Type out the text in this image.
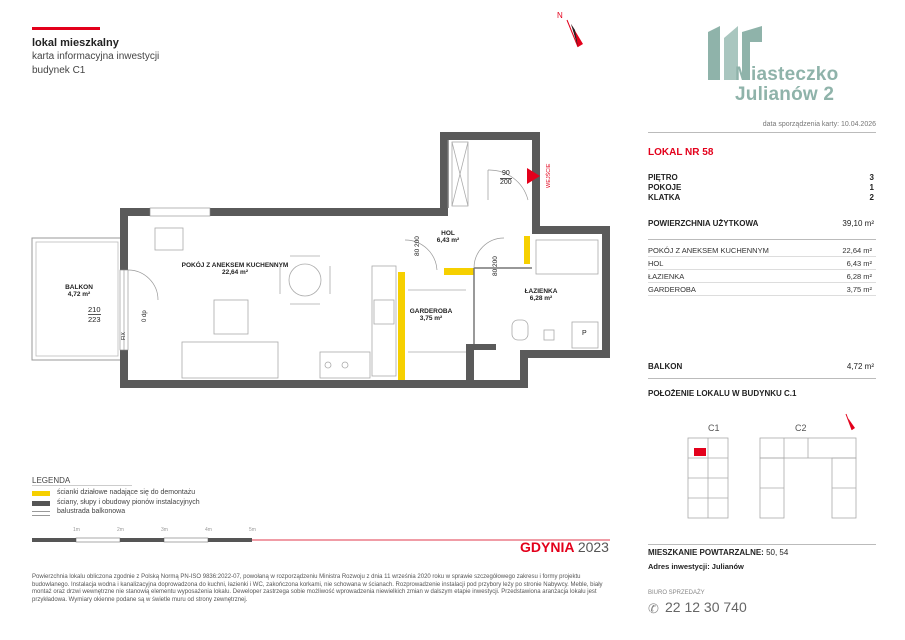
lokal mieszkalny
karta informacyjna inwestycji
budynek C1
N
POKÓJ Z ANEKSEM KUCHENNYM
22,64 m²
HOL
6,43 m²
GARDEROBA
3,75 m²
ŁAZIENKA
6,28 m²
BALKON
4,72 m²
90
200
80 200
80 200
210
223
WEJŚCIE
0 dp
FIX	P
Miasteczko
Julianów 2
data sporządzenia karty: 10.04.2026
LOKAL NR 58
PIĘTRO	3
POKOJE	1
KLATKA	2
POWIERZCHNIA UŻYTKOWA	39,10 m²
POKÓJ Z ANEKSEM KUCHENNYM	22,64 m²
HOL	6,43 m²
ŁAZIENKA	6,28 m²
GARDEROBA	3,75 m²
BALKON	4,72 m²
POŁOŻENIE LOKALU W BUDYNKU C.1
C1	C2
MIESZKANIE POWTARZALNE: 50, 54
Adres inwestycji: Julianów
BIURO SPRZEDAŻY
22 12 30 740
✆
LEGENDA
ścianki działowe nadające się do demontażu
ściany, słupy i obudowy pionów instalacyjnych
balustrada balkonowa
1m	2m	3m	4m	5m
GDYNIA 2023
Powierzchnia lokalu obliczona zgodnie z Polską Normą PN-ISO 9836:2022-07, powołaną w rozporządzeniu Ministra Rozwoju z dnia 11 września 2020 roku w sprawie szczegółowego zakresu i formy projektu budowlanego. Instalacja wodna i kanalizacyjna doprowadzona do kuchni, łazienki i WC, zakończona korkami, nie schowana w ścianach. Rozprowadzenie instalacji pod przybory leży po stronie Nabywcy. Meble, biały montaż oraz drzwi wewnętrzne nie stanowią elementu wyposażenia lokalu. Deweloper zastrzega sobie możliwość wprowadzenia niewielkich zmian w dalszym etapie inwestycji. Przedstawiona aranżacja lokalu jest przykładowa. Wymiary okienne podane są w świetle muru od strony zewnętrznej.
